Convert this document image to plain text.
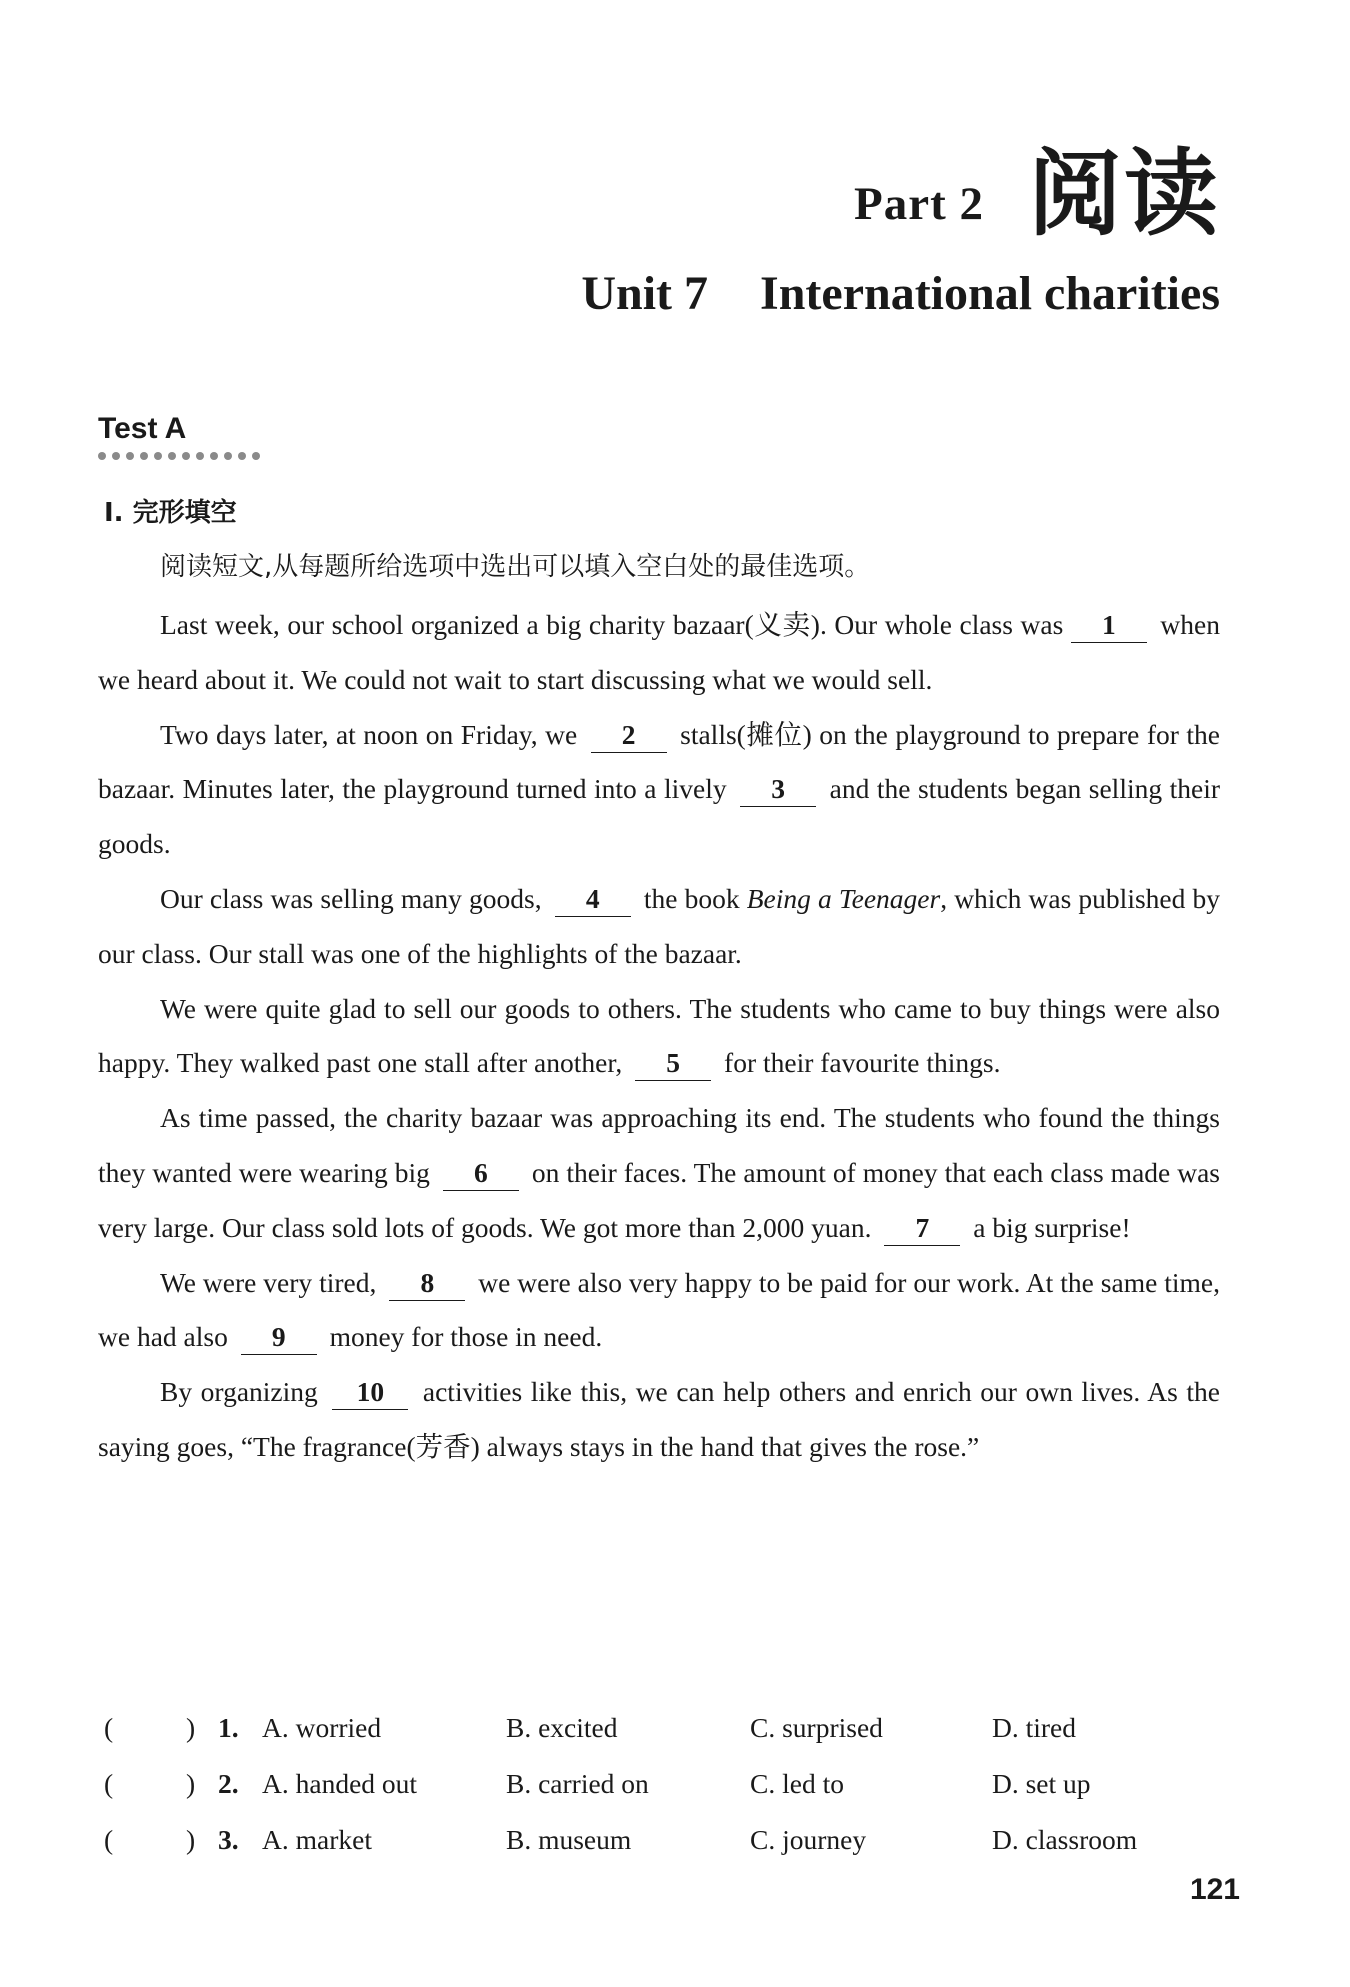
Part 2 阅读
Unit 7 International charities
Test A
Ⅰ. 完形填空
阅读短文,从每题所给选项中选出可以填入空白处的最佳选项。

Last week, our school organized a big charity bazaar(义卖). Our whole class was 1 when we heard about it. We could not wait to start discussing what we would sell.

Two days later, at noon on Friday, we 2 stalls(摊位) on the playground to prepare for the bazaar. Minutes later, the playground turned into a lively 3 and the students began selling their goods.

Our class was selling many goods, 4 the book Being a Teenager, which was published by our class. Our stall was one of the highlights of the bazaar.

We were quite glad to sell our goods to others. The students who came to buy things were also happy. They walked past one stall after another, 5 for their favourite things.

As time passed, the charity bazaar was approaching its end. The students who found the things they wanted were wearing big 6 on their faces. The amount of money that each class made was very large. Our class sold lots of goods. We got more than 2,000 yuan. 7 a big surprise!

We were very tired, 8 we were also very happy to be paid for our work. At the same time, we had also 9 money for those in need.

By organizing 10 activities like this, we can help others and enrich our own lives. As the saying goes, “The fragrance(芳香) always stays in the hand that gives the rose.”

(	) 1. A. worried	B. excited	C. surprised	D. tired
(	) 2. A. handed out	B. carried on	C. led to	D. set up
(	) 3. A. market	B. museum	C. journey	D. classroom
121
